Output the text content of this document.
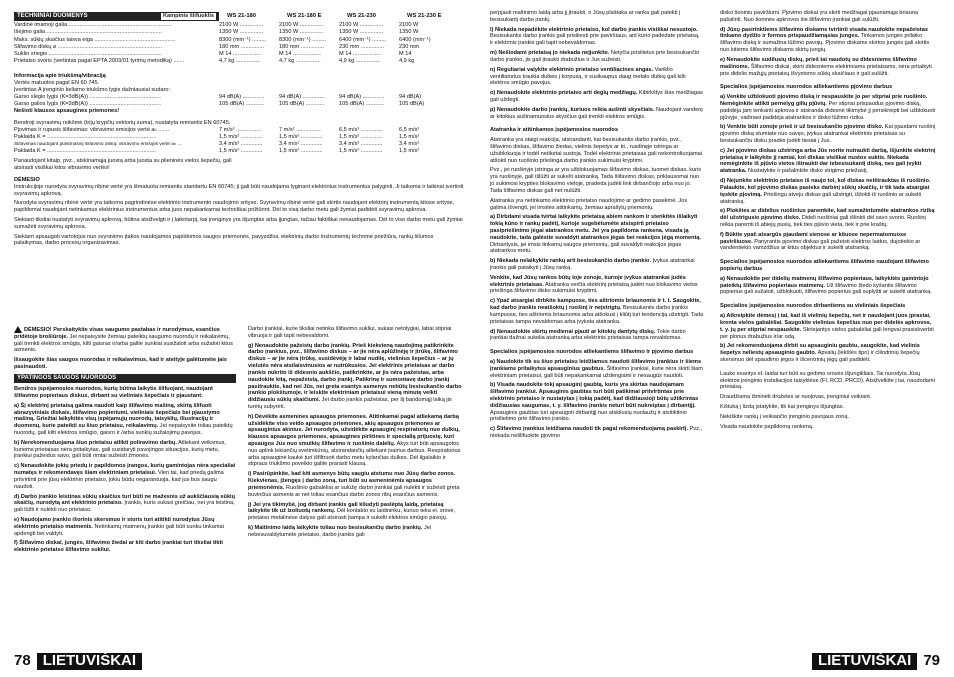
TECHNINIAI DUOMENYS	Kampinis šlifuoklis	WS 21-180	WS 21-180 E	WS 21-230	WS 21-230 E
Vardinė imamoji galia ..................................................................	2100 W ...............	2100 W ...............	2100 W ...............	2100 W
Išėjimo galia ..........................................................................	1350 W ...............	1350 W ...............	1350 W ...............	1350 W
Maks. sūkių skaičius laisva eiga ....................................................	8300 (min⁻¹) .........	8300 (min⁻¹) .........	6400 (min⁻¹) .........	6400 (min⁻¹)
Šlifavimo diskų ⌀ ...................................................................	180 mm ...............	180 mm ...............	230 mm ...............	230 mm
Suklio sriegis .........................................................................	M 14 ..................	M 14 ..................	M 14 ..................	M 14
Prietaiso svoris (vertintas pagal EPTA 2003/01 tyrimų metodiką) .......	4,7 kg ................	4,7 kg ................	4,9 kg ................	4,9 kg
Informacija apie triukšmą/vibraciją
Vertės matuotos pagal EN 60 745.
Įvertintas A įrenginio keliamo triukšmo lygis dažniausiai sudaro:
Garso slėgio lygis (K=3dB(A)) ..............................................	94 dB(A) ..............	94 dB(A) ..............	94 dB(A) ..............	94 dB(A)
Garso galios lygis (K=3dB(A)) ..............................................	105 dB(A) ............	105 dB(A) ............	105 dB(A) ............	105 dB(A)
Nešioti klausos apsaugines priemones!
Bendroji svyravimų reikšmė (trijų krypčių vektorių suma), nustatyta remiantis EN 60745.
Pjovimas ir rupusis šlifavimas: vibravimo emisijos vertė aₕ .......	7 m/s² ................	7 m/s² ................	6,5 m/s² ..............	6,5 m/s²
Paklaida K = ......................................................................	1,5 m/s² ..............	1,5 m/s² ..............	1,5 m/s² ..............	1,5 m/s²
Šlifavimas naudojant plastmasinį šlifavimo diską: vibravimo emisijos vertė aₕ ...	3,4 m/s² ..............	3,4 m/s² ..............	3,4 m/s² ..............	3,4 m/s²
Paklaida K = ......................................................................	1,5 m/s² ..............	1,5 m/s² ..............	1,5 m/s² ..............	1,5 m/s²
Panaudojant kitaip, pvz., atskiriamąją juostą arba juosta su plieninės vielos šepečiu, gali atsirasti visiškai kitos vibravimo vertės!
DĖMESIO
Instrukcijoje nurodyta svyravimų ribinė vertė yra išmatuota remiantis standartu EN 60745; ji gali būti naudojama lyginant elektrinius instrumentus palyginti. Ji taikoma ir laikinai įvertinti svyravimų apkrovą.
Nurodyta svyravimų ribinė vertė yra taikoma pagrindinėse elektrinio instrumento naudojimo srityse. Svyravimų ribinė vertė gali skirtis naudojant elektrinį instrumentą kitose srityse, papildomai naudojant netinkamus elektrinius instrumentus arba juos nepakankamai techniškai prižiūrint. Dėl to visą darbo metu gali žymiai padidėti svyravimų apkrova.
Siekiant tiksliai nustatyti svyravimų apkrovą, būtina atsižvelgti ir į laikotarpį, kai įrenginys yra išjungtas arba įjungtas, tačiau faktiškai nenaudojamas. Dėl to viso darbo metu gali žymiai sumažėti svyravimų apkrova.
Siekiant apsaugoti vartotojus nuo svyravimo įtakos naudojamos papildomos saugos priemonės, pavyzdžiui, elektrinių darbo instrumentų techninė priežiūra, rankų šilumos palaikymas, darbo procesų organizavimas.
DĖMESIO! Perskaitykite visas saugumo pastabas ir nurodymus, esančius pridėtoje brošiūroje. Jei nepaisysite žemiau pateiktų saugumo nuorodų ir reikalavimų, gali trenkti elektros smūgis, kilti gaisras ir/arba galite sunkiai susižaloti arba sužaloti kitus asmenis.
Išsaugokite šias saugos nuorodas ir reikalavimus, kad ir ateityje galėtumėte jais pasinaudoti.
YPATINGOS SAUGOS NUORODOS
Bendros įspėjamosios nuorodos, kurių būtina laikytis šlifuojant, naudojant šlifavimo popieriaus diskus, dirbant su vieliniais šepečiais ir pjaustant:
a) Šį elektrinį prietaisą galima naudoti kaip šlifavimo mašiną, skirtą šlifuoti abrazyviniais diskais, šlifavimo popieriumi, vieliniais šepečiais bei pjaustymo mašiną. Griežtai laikykitės visų įspėjamųjų nuorodų, taisyklių, iliustracijų ir duomenų, kurie pateikti su šiuo prietaisu, reikalavimų. Jei nepaisysite toliau pateiktų nuorodų, gali kilti elektros smūgio, gaisro ir /arba sunkių sužalojimų pavojus.
b) Nerekomenduojama šiuo prietaisu atlikti poliravimo darbų. Atliekant veiksmus, kuriems prietaisas nėra pritaikytas, gali susidaryti pavojingos situacijos, kurių metu, įrankiui pažeidus savo, gali būti rimtai sužeisti žmonės.
c) Nenaudokite jokių priedų ir papildomos įrangos, kurių gamintojas nėra specialiai numatęs ir rekomendavęs šiam elektriniam prietaisui. Vien tai, kad priedą galima pritvirtinti prie jūsų elektrinio prietaiso, jokiu būdu negarantuoja, kad jus bus saugu naudoti.
d) Darbo įrankio leistinas sūkių skaičius turi būti ne mažesnis už aukščiausią sūkių skaičių, nurodytą ant elektrinio prietaiso. Įrankis, kuris sukasi greičiau, nei yra leistina, gali lūžti ir nulėkti nuo prietaiso.
e) Naudojamo įrankio išorinis skersmuo ir storis turi atitikti nurodytus Jūsų elektrinio prietaiso matmenis. Netinkamų matmenų įrankio gali būti sunku tinkamai apdengti bei valdyti.
f) Šlifavimo diskai, jungės, šlifavimo žiedai ar kiti darbo įrankiai turi tiksliai tikti elektrinio prietaiso šlifavimo sukliui.
Darbo įrankiai, kurie tiksliai netinka šlifavimo sukliui, sukasi netolygiai, labai stipriai vibruoja ir gali tapti nebevaldomi.
g) Nenaudokite pažeistų darbo įrankių. Prieš kiekvieną naudojimą patikrinkite darbo įrankius, pvz., šlifavimo diskus – ar jie nėra aplūžinėję ir įtrūkę, šlifavimo diskus – ar jie nėra įtrūkę, susidėvėję ir labai nudilę, vielinius šepečius – ar jų vielutės nėra atsilaisvinusios ar nutrūkusios. Jei elektrinis prietaisas ar darbo įrankis nukrito iš didesnio aukščio, patikrinkite, ar jis nėra pažeistas, arba naudokite kitą, nepažeistą, darbo įrankį. Patikrinę ir sumontavę darbo įrankį pasitraukite, kad nei Jūs, nei greta esantys asmenys nebūtų besisukančio darbo įrankio plokštumoje, ir leiskite elektriniam prietaisui vieną minutę veikti didžiausiu sūkių skaičiumi. Jei darbo įrankis pažeistas, per šį bandomąjį laiką jis turėtų subyrėti.
h) Dėvėkite asmenines apsaugos priemones. Atitinkamai pagal atliekamą darbą užsidėkite viso veido apsaugos priemones, akių apsaugos priemones ar apsauginius akinius. Jei nurodyta, užsidėkite apsauginį respiratorių nuo dulkių, klausos apsaugos priemones, apsaugines pirštines ir specialią prijuostę, kuri apsaugos Jus nuo smulkių šlifavimo ir ruošinio dalelių. Akys turi būti apsaugotos nuo aplink lekiančių svetimkūnių, atsirandančių atliekant įvairius darbus. Respiratorius arba apsauginė kaukė turi išfiltruoti darbo metu kylančias dulkes. Dėl ilgalaikio ir stipraus triukšmo poveikio galite prarasti klausą.
i) Pasirūpinkite, kad kiti asmenys būtų saugiu atstumu nuo Jūsų darbo zonos. Kiekvienas, įžengęs į darbo zoną, turi būti su asmeninėmis apsaugos priemonėmis. Ruošinio gabalėliai ar sulūžę darbo įrankiai gali nulėkti ir sužeisti greta buvinčius asmenis ar net toliau esančius darbo zonos ribų esančius asmenis.
j) Jei yra tikimybė, jog dirbant įrankis gali kliudyti paslėptą laidą, prietaisą laikykite tik už izoliuotų rankenų. Dėl kontakto su laidininku, kuriuo teka el. srovė, prietaiso metalinėse dalyse gali atsirasti įtampa ir sukelti elektros smūgio pavojų.
k) Maitinimo laidą laikykite toliau nuo besisukančių darbo įrankių. Jei nebesuvaldytumėte prietaiso, darbo įrankis gali
78 LIETUVIŠKAI
perpjauti maitinimo laidą arba jį įtraukti, o Jūsų plaštaka ar ranka gali patekti į besisukantį darbo įrankį.
l) Niekada nepadėkite elektrinio prietaiso, kol darbo įrankis visiškai nesustojo. Besisukantis darbo įrankis gali prisiliesti prie paviršiaus, ant kurio padedate prietaisą, ir elektrinis įrankis gali tapti nebevaldomas.
m) Nešiodami prietaisą jo niekada neįjunkite. Netyčia prisilietus prie besisukančio darbo įrankio, jis gali įtraukti drabužius ir Jus sužeisti.
n) Reguliariai valykite elektrinio prietaiso ventiliacines angas. Variklio ventiliatorius traukia dulkes į korpusą, ir susikaupus daug metalo dulkių gali kilti elektros smūgio pavojus.
o) Nenaudokite elektrinio prietaiso arti degių medžiagų. Kibirkštys šias medžiagas gali uždegti.
p) Nenaudokite darbo įrankių, kuriuos reikia aušinti skysčiais. Naudojant vandenį ar kitokius aušinamuosius skysčius gali trenkti elektros smūgis.
Atatranka ir atitinkamos įspėjamosios nuorodos
Atatranka yra staigi reakcija, atsirandanti, kai besisukantis darbo įrankis, pvz., šlifavimo diskas, šlifavimo žiedas, vielinis šepetys ar kt., rusdinęje istringa ar užsiblokuoja ir todėl netikėtai sustoja. Todėl elektrinis prietaisas gali nekontroliuojamai atšokti nuo ruošinio priešinga darbo įrankio sukimuisi kryptimi.
Pvz., jei ruošinyje įstringa ar yra užblokuojamas šlifavimo diskas, tuomet diskas, kuris yra ruošinyje, gali išlūžti ar sukelti atatranką. Tada šlifavimo diskas, priklausomai nuo jo sukimosi krypties blokavimo vietoje, pradeda judėti link dirbančiojo arba nuo jo. Tada šlifavimo diskas gali net nulūžti.
Atatranka yra netinkamo elektrinio prietaiso naudojimo ar gedimo pasekmė. Jos galima išvengti, jei imsitės atitinkamų, žemiau aprašytų priemonių.
a) Dirbdami visada tvirtai laikykite prietaisą abiem rankom ir stenkitės išlaikyti tokią kūno ir rankų padėtį, kurioje sugebėtumėte atsispirti prietaiso pasipriešinimo jėgai atatrankos metu. Jei yra papildoma rankena, visada ją naudokite, tada galėsite suvaldyti atatrankos jėgas bei reakcijos jėgą momentą. Dirbantysis, jei imsis tinkamų saugos priemonių, gali suvaldyti reakcijos jėgas atatrankos metu.
b) Niekada nelaikykite rankų arti besisukančio darbo įrankio. Įvykus atatrankai įrankis gali pataikyti į Jūsų ranką.
Venkite, kad Jūsų rankos būtų toje zonoje, kurioje įvykus atatrankai judės elektrinis prietaisas. Atatranka verčia elektrinį prietaisą judėti nuo blokavimo vietos priešinga šlifavimo disko sukimuisi kryptimi.
c) Ypač atsargiai dirbkite kampuose, ties aštriomis briaunomis ir t. t. Saugokite, kad darbo įrankis neatšoktų į ruošinį ir neįstrigtų. Besisukantis darbo įrankis kampuose, ties aštriomis briaunomis arba atšokusi į kliūtį turi tendenciją užstrigti. Tada prietaisas tampa nevaldomas arba įvyksta atatranka.
d) Nenaudokite skirtų medienai pjauti ar kitokių dantytų diskų. Tokie darbo įrankiai dažnai sukelia atatranką arba elektrinis prietaisas tampa nevaldomas.
Specialios įspėjamosios nuorodos atliekantiems šlifavimo ir pjovimo darbus
a) Naudokite tik su šiuo prietaisu leidžiamus naudoti šlifavimo įrankius ir šiems įrankiams pritaikytus apsauginius gaubtus. Šlifavimo įrankiai, kurie nėra skirti šiam elektriniam prietaisui, gali būti nepakankamai uždengiami ir nesaugūs naudoti.
b) Visada naudokite tokį apsauginį gaubtą, kuris yra skirtas naudojamam šlifavimo įrankiui. Apsauginis gaubtas turi būti patikimai pritvirtintas prie elektrinio prietaiso ir nustatytas į tokią padėtį, kad didžiausioji būtų užtikrintas didžiausias saugumas, t. y. šlifavimo įrankis neturi būti nukreiptas į dirbantįjį. Apsauginis gaubtas turi apsaugoti dirbantįjį nuo atskilusių nuolaužų ir atsitiktinio prisilietimo prie šlifavimo įrankio.
c) Šlifavimo įrankius leidžiama naudoti tik pagal rekomenduojamą paskirtį. Pvz., niekada nešlifuokite pjovimo
disko šoniniu paviršiumi. Pjovimo diskai yra skirti medžiagai pjaunamąja briauna pašalinti. Nuo šoninės apkrovos šie šlifavimo įrankiai gali sulūžti.
d) Jūsų pasirinktiems šlifavimo diskams tvirtinti visada naudokite nepažeistas tinkamo dydžio ir formos prispaudžiamąsias junges. Tinkamos jungės prilaiko šlifavimo diską ir sumažina lūžimo pavojų. Pjovimo diskams skirtos jungės gali skirtis nuo kitiems šlifavimo diskams skirtų jungių.
e) Nenaudokite sudilusių diskų, prieš tai naudotų su didesniems šlifavimo mašinoms. Šlifavimo diskai, skirti didesniems elektriniams prietaisams, nėra pritaikyti prie didelio mažųjų prietaisų išvystomo sūkių skaičiaus ir gali sulūžti.
Specialios įspėjamosios nuorodos atliekantiems pjovimo darbus
a) Venkite užblokuoti pjovimo diską ir nespauskite jo per stipriai prie ruošinio. Nemėginkite atlikti pernelyg gilių pjūvių. Per stipriai prispaudus pjovimo diską, padidėja jam tenkanti apkrova ir atsiranda didesnė tikimybė jį persikreipti bei užblokuoti pjūvyje, vadinasi padidėja atatrankos ir disko lūžimo rizika.
b) Venkite būti zonoje prieš ir už besisukančio pjovimo disko. Kai pjaudami ruošinį pjovimo diską stumiate nuo savęs, įvykus atatrankai elektrinis prietaisas su besisukančiu disku pradės judėti tiesiai į Jus.
c) Jei pjovimo diskas užstringa arba Jūs norite nutraukti darbą, išjunkite elektrinį prietaisą ir laikykite jį ramiai, kol diskas visiškai nustos suktis. Niekada nemėginkite iš pjūvio vietos ištraukti dar tebesisukantį diską, nes gali įvykti atatranka. Nustatykite ir pašalinkite disko strigimo priežastį.
d) Nejunkite elektrinio prietaiso iš naujo tol, kol diskas neištrauktas iš ruošinio. Palaukite, kol pjovimo diskas pasieks darbinį sūkių skaičių, ir tik tada atsargiai tęskite pjovimą. Priešingu atveju diskas gali užstrigti, iššokti iš ruošinio ar sukelti atatranką.
e) Plokštes ar didelius ruošinius paremkite, kad sumažintumėte atatrankos riziką dėl užstrigusio pjovimo disko. Dideli ruošiniai gali išlinkti dėl savo svorio. Ruošinį reikia paremti iš abiejų pusių, tiek ties pjūvio vieta, tiek ir prie kraštų.
f) Būkite ypač atsargūs pjaudami sienose ar kituose nepermatomuose paviršiuose. Panyrantis pjovimo diskas gali pažeisti elektros laidus, dujotiekio ar vandentiekio vamzdžius ar kitus objektus ir sukelti atatranką.
Specialios įspėjamosios nuorodos atliekantiems šlifavimo naudojant šlifavimo popierių darbus
a) Nenaudokite per didelių matmenų šlifavimo popieriaus, laikykitės gamintojo pateiktų šlifavimo popieriaus matmenų. Už šlifavimo žiedo kyšantis šlifavimo popierius gali sužaloti, užblokuoti, šlifavimo popierius gali suplyšti ar sukelti atatranką.
Specialios įspėjamosios nuorodos dirbantiems su vieliniais šepečiais
a) Atkreipkite dėmesį į tai, kad iš vielinių šepečių, net ir naudojant juos įprastai, krenta vielos gabalėliai. Saugokite vielinius šepečius nuo per didelės apkrovos, t. y. jų per stipriai nespauskite. Skriejantys vielos gabalėliai gali lengvai prasiskverbti per plonus drabužius ir/ar odą.
b) Jei rekomenduojama dirbti su apsauginiu gaubtu, saugokite, kad vielinis šepetys neliestų apsauginio gaubto. Apvalių (lėkštės tipo) ir cilindrinių šepečių skersmuo dėl spaudimo jėgos ir išcentrinių jėgų gali padidėti.
Lauke esantys el. laidai turi būti su gedimo srovės išjungikliais. Tai nurodyta Jūsų elektros įrenginio instaliacijos taisyklėse (FI, RCD, PRCD). Atsižvelkite į tai, naudodami prietaisą.
Draudžiama išminėti droželes ar nuojovas, įrenginiui veikiant.
Kištuką į lizdą įstatykite, tik kai įrenginys išjungtas.
Nekiškite rankų į veikiančio įrenginio pavojaus zoną.
Visada naudokite papildomą rankeną.
LIETUVIŠKAI 79
